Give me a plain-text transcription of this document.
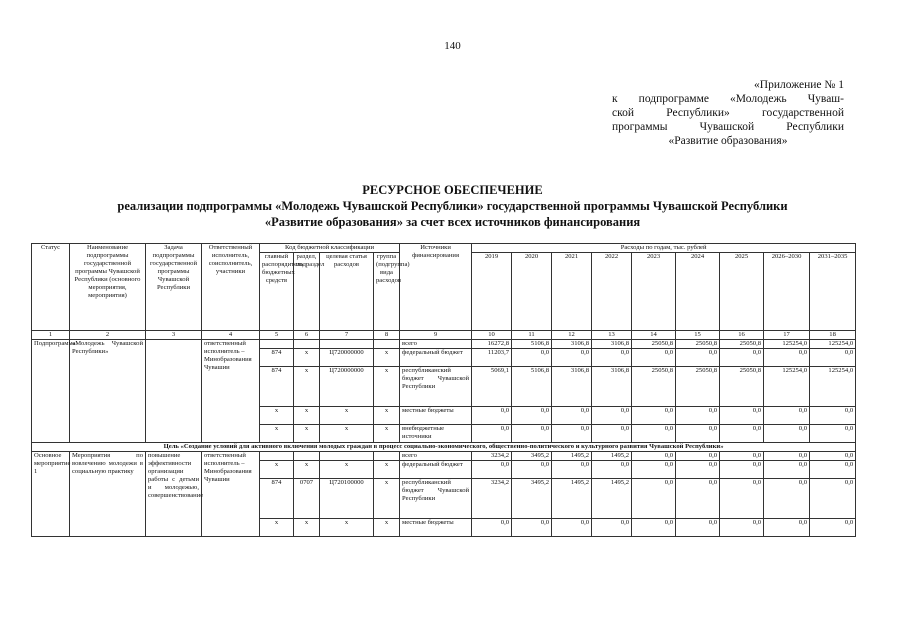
140
«Приложение № 1
к подпрограмме «Молодежь Чуваш-
ской Республики» государственной
программы Чувашской Республики
«Развитие образования»
РЕСУРСНОЕ ОБЕСПЕЧЕНИЕ
реализации подпрограммы «Молодежь Чувашской Республики» государственной программы Чувашской Республики
«Развитие образования» за счет всех источников финансирования
Статус	Наименование подпрограммы государственной программы Чувашской Республики (основного мероприятия, мероприятия)	Задача подпрограммы государственной программы Чувашской Республики	Ответственный исполнитель, соисполнитель, участники	Код бюджетной классификации				Источники финансирования	Расходы по годам, тыс. рублей								
				главный распорядитель бюджетных средств	раздел, подраздел	целевая статья расходов	группа (подгруппа) вида расходов		2019	2020	2021	2022	2023	2024	2025	2026–2030	2031–2035
1	2	3	4	5	6	7	8	9	10	11	12	13	14	15	16	17	18
Подпрограмма	«Молодежь Чувашской Республики»		ответственный исполнитель – Минобразования Чувашии					всего	16272,8	5106,8	3106,8	3106,8	25050,8	25050,8	25050,8	125254,0	125254,0
				874	х	Ц720000000	х	федеральный бюджет	11203,7	0,0	0,0	0,0	0,0	0,0	0,0	0,0	0,0
				874	х	Ц720000000	х	республиканский бюджет Чувашской Республики	5069,1	5106,8	3106,8	3106,8	25050,8	25050,8	25050,8	125254,0	125254,0
				х	х	х	х	местные бюджеты	0,0	0,0	0,0	0,0	0,0	0,0	0,0	0,0	0,0
				х	х	х	х	внебюджетные источники	0,0	0,0	0,0	0,0	0,0	0,0	0,0	0,0	0,0
Цель «Создание условий для активного включения молодых граждан в процесс социально-экономического, общественно-политического и культурного развития Чувашской Республики»																	
Основное мероприятие 1	Мероприятия по вовлечению молодежи в социальную практику	повышение эффективности организации работы с детьми и молодежью, совершенствование	ответственный исполнитель – Минобразования Чувашии					всего	3234,2	3495,2	1495,2	1495,2	0,0	0,0	0,0	0,0	0,0
				х	х	х	х	федеральный бюджет	0,0	0,0	0,0	0,0	0,0	0,0	0,0	0,0	0,0
				874	0707	Ц720100000	х	республиканский бюджет Чувашской Республики	3234,2	3495,2	1495,2	1495,2	0,0	0,0	0,0	0,0	0,0
				х	х	х	х	местные бюджеты	0,0	0,0	0,0	0,0	0,0	0,0	0,0	0,0	0,0
